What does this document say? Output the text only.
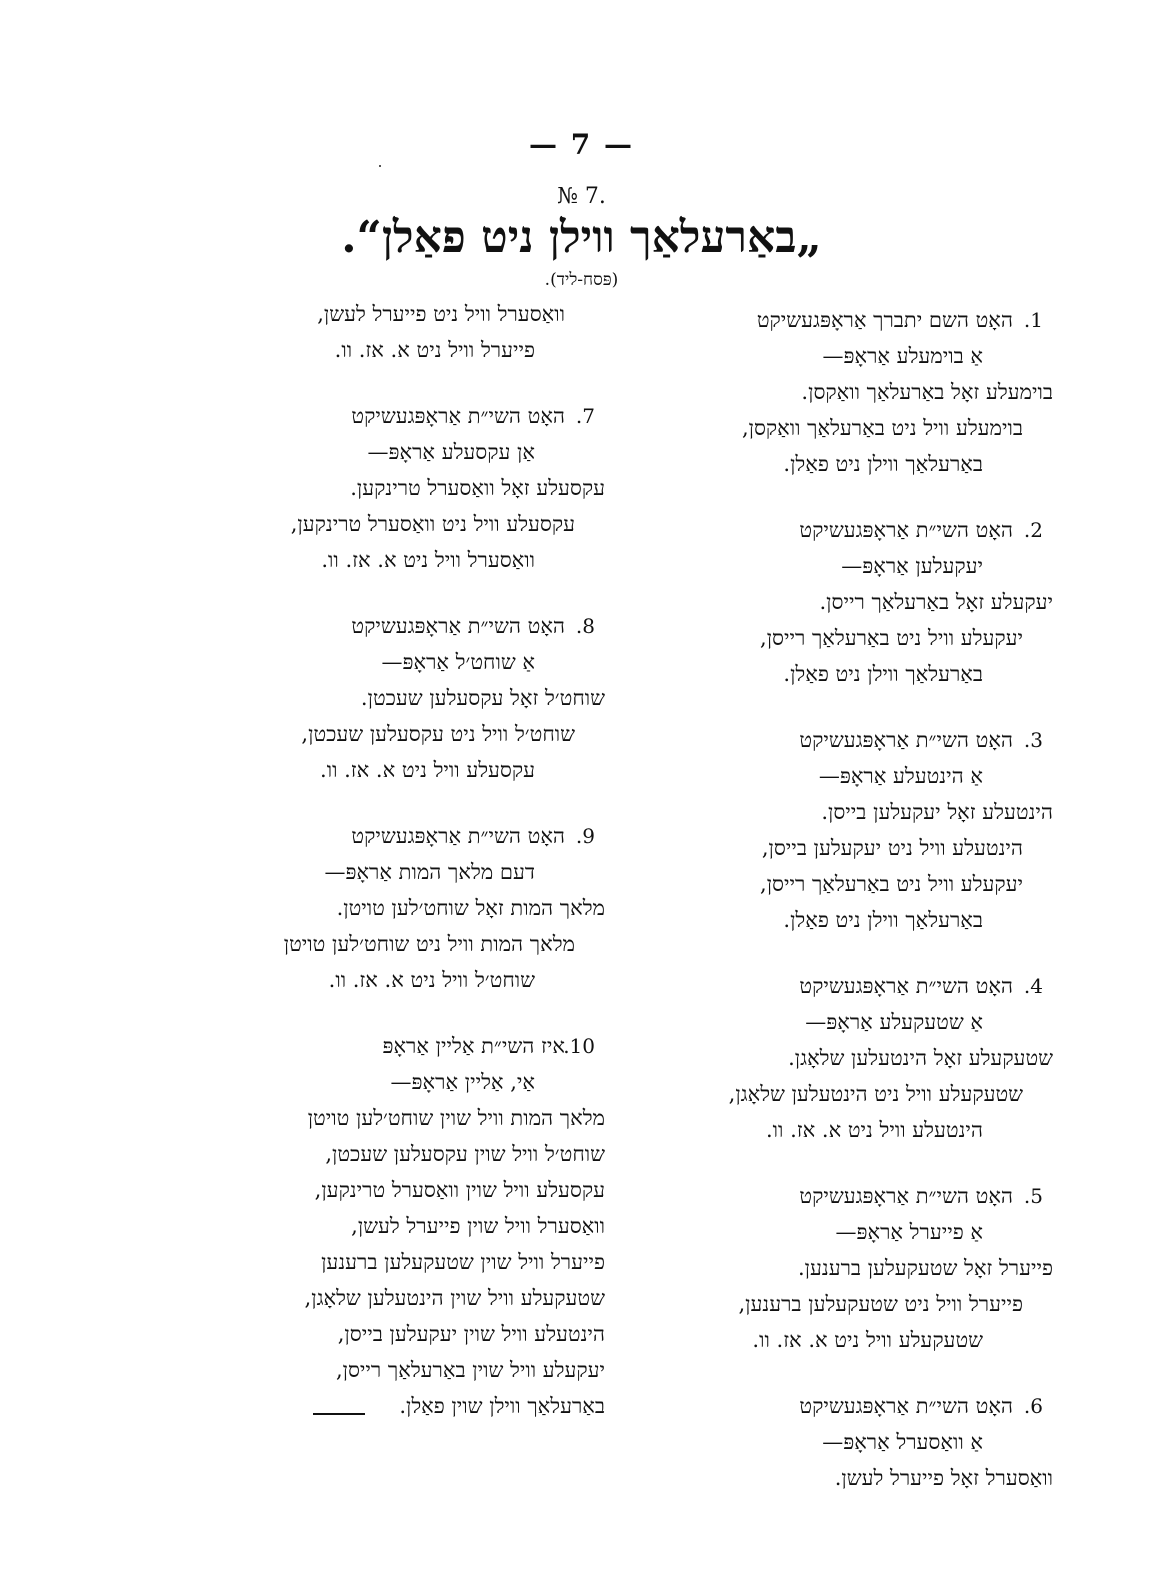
— 7 —
№ 7.
„באַרעלאַך ווילן ניט פאַלן“.
(פּסח-ליד).
.1
האָט השם יתברך אַראָפּגעשיקט
אַ בוימעלע אַראָפּ—
בוימעלע זאָל באַרעלאַך וואַקסן.
בוימעלע וויל ניט באַרעלאַך וואַקסן,
באַרעלאַך ווילן ניט פאַלן.
.2
האָט השי״ת אַראָפּגעשיקט
יעקעלען אַראָפּ—
יעקעלע זאָל באַרעלאַך רייסן.
יעקעלע וויל ניט באַרעלאַך רייסן,
באַרעלאַך ווילן ניט פאַלן.
.3
האָט השי״ת אַראָפּגעשיקט
אַ הינטעלע אַראָפּ—
הינטעלע זאָל יעקעלען בייסן.
הינטעלע וויל ניט יעקעלען בייסן,
יעקעלע וויל ניט באַרעלאַך רייסן,
באַרעלאַך ווילן ניט פאַלן.
.4
האָט השי״ת אַראָפּגעשיקט
אַ שטעקעלע אַראָפּ—
שטעקעלע זאָל הינטעלען שלאָגן.
שטעקעלע וויל ניט הינטעלען שלאָגן,
הינטעלע וויל ניט א. אז. וו.
.5
האָט השי״ת אַראָפּגעשיקט
אַ פייערל אַראָפּ—
פייערל זאָל שטעקעלען ברענען.
פייערל וויל ניט שטעקעלען ברענען,
שטעקעלע וויל ניט א. אז. וו.
.6
האָט השי״ת אַראָפּגעשיקט
אַ וואַסערל אַראָפּ—
וואַסערל זאָל פייערל לעשן.
וואַסערל וויל ניט פייערל לעשן,
פייערל וויל ניט א. אז. וו.
.7
האָט השי״ת אַראָפּגעשיקט
אַן עקסעלע אַראָפּ—
עקסעלע זאָל וואַסערל טרינקען.
עקסעלע וויל ניט וואַסערל טרינקען,
וואַסערל וויל ניט א. אז. וו.
.8
האָט השי״ת אַראָפּגעשיקט
אַ שוחט׳ל אַראָפּ—
שוחט׳ל זאָל עקסעלען שעכטן.
שוחט׳ל וויל ניט עקסעלען שעכטן,
עקסעלע וויל ניט א. אז. וו.
.9
האָט השי״ת אַראָפּגעשיקט
דעם מלאך המות אַראָפּ—
מלאך המות זאָל שוחט׳לען טויטן.
מלאך המות וויל ניט שוחט׳לען טויטן
שוחט׳ל וויל ניט א. אז. וו.
.10
איז השי״ת אַליין אַראָפּ
אַי, אַליין אַראָפּ—
מלאך המות וויל שוין שוחט׳לען טויטן
שוחט׳ל וויל שוין עקסעלען שעכטן,
עקסעלע וויל שוין וואַסערל טרינקען,
וואַסערל וויל שוין פייערל לעשן,
פייערל וויל שוין שטעקעלען ברענען
שטעקעלע וויל שוין הינטעלען שלאָגן,
הינטעלע וויל שוין יעקעלען בייסן,
יעקעלע וויל שוין באַרעלאַך רייסן,
באַרעלאַך ווילן שוין פאַלן.
